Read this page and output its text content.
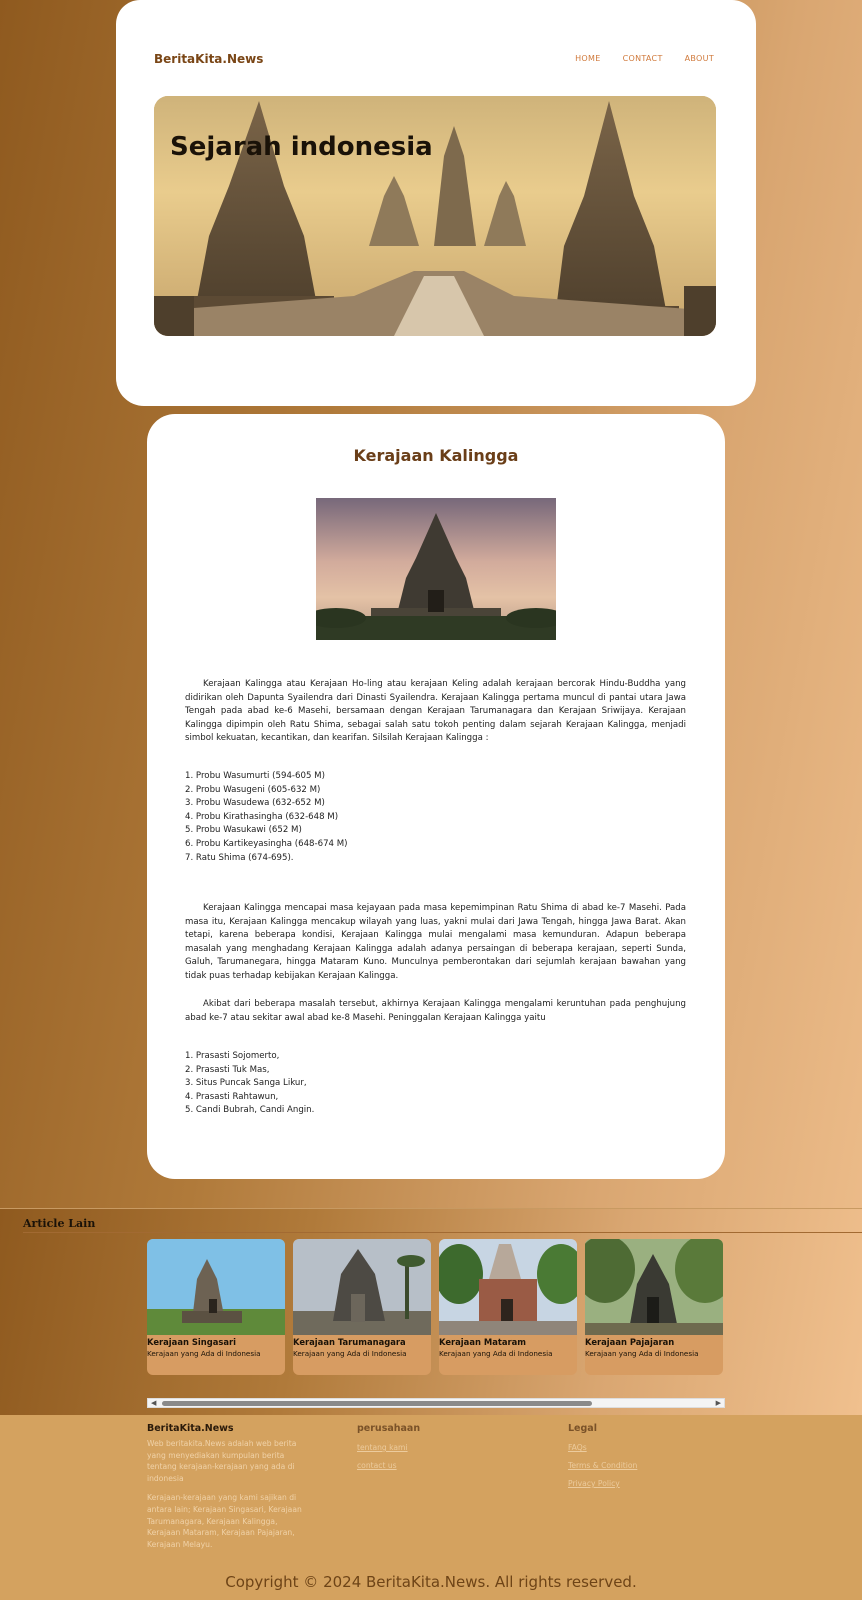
BeritaKita.News	HOME	CONTACT	ABOUT
Sejarah indonesia
Kerajaan Kalingga

Kerajaan Kalingga atau Kerajaan Ho-ling atau kerajaan Keling adalah kerajaan bercorak Hindu-Buddha yang didirikan oleh Dapunta Syailendra dari Dinasti Syailendra. Kerajaan Kalingga pertama muncul di pantai utara Jawa Tengah pada abad ke-6 Masehi, bersamaan dengan Kerajaan Tarumanagara dan Kerajaan Sriwijaya. Kerajaan Kalingga dipimpin oleh Ratu Shima, sebagai salah satu tokoh penting dalam sejarah Kerajaan Kalingga, menjadi simbol kekuatan, kecantikan, dan kearifan. Silsilah Kerajaan Kalingga :

1. Probu Wasumurti (594-605 M)
2. Probu Wasugeni (605-632 M)
3. Probu Wasudewa (632-652 M)
4. Probu Kirathasingha (632-648 M)
5. Probu Wasukawi (652 M)
6. Probu Kartikeyasingha (648-674 M)
7. Ratu Shima (674-695).

Kerajaan Kalingga mencapai masa kejayaan pada masa kepemimpinan Ratu Shima di abad ke-7 Masehi. Pada masa itu, Kerajaan Kalingga mencakup wilayah yang luas, yakni mulai dari Jawa Tengah, hingga Jawa Barat. Akan tetapi, karena beberapa kondisi, Kerajaan Kalingga mulai mengalami masa kemunduran. Adapun beberapa masalah yang menghadang Kerajaan Kalingga adalah adanya persaingan di beberapa kerajaan, seperti Sunda, Galuh, Tarumanegara, hingga Mataram Kuno. Munculnya pemberontakan dari sejumlah kerajaan bawahan yang tidak puas terhadap kebijakan Kerajaan Kalingga.

Akibat dari beberapa masalah tersebut, akhirnya Kerajaan Kalingga mengalami keruntuhan pada penghujung abad ke-7 atau sekitar awal abad ke-8 Masehi. Peninggalan Kerajaan Kalingga yaitu

1. Prasasti Sojomerto,
2. Prasasti Tuk Mas,
3. Situs Puncak Sanga Likur,
4. Prasasti Rahtawun,
5. Candi Bubrah, Candi Angin.
Article Lain
Kerajaan Singasari
Kerajaan yang Ada di Indonesia
Kerajaan Tarumanagara
Kerajaan yang Ada di Indonesia
Kerajaan Mataram
Kerajaan yang Ada di Indonesia
Kerajaan Pajajaran
Kerajaan yang Ada di Indonesia
◀	▶
BeritaKita.News

Web beritakita.News adalah web berita yang menyediakan kumpulan berita tentang kerajaan-kerajaan yang ada di indonesia

Kerajaan-kerajaan yang kami sajikan di antara lain; Kerajaan Singasari, Kerajaan Tarumanagara, Kerajaan Kalingga, Kerajaan Mataram, Kerajaan Pajajaran, Kerajaan Melayu.

perusahaan
tentang kami
contact us
Legal
FAQs
Terms & Condition
Privacy Policy
Copyright © 2024 BeritaKita.News. All rights reserved.
